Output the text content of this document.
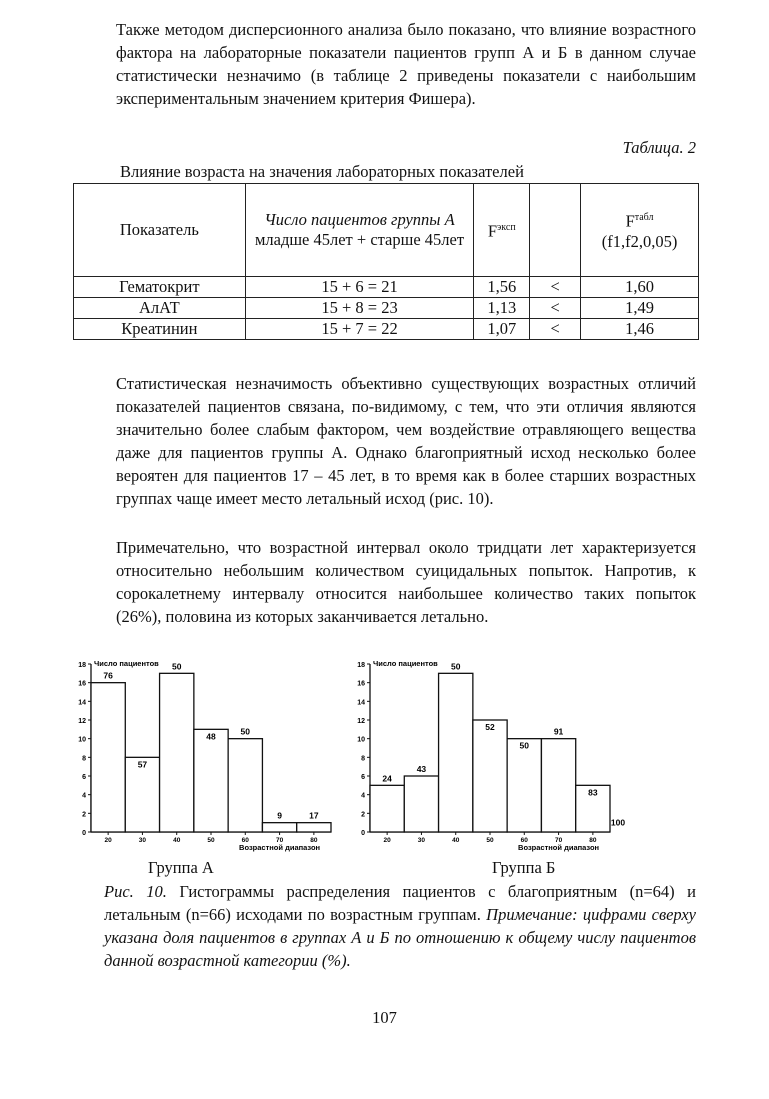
Также методом дисперсионного анализа было показано, что влияние возрастного фактора на лабораторные показатели пациентов групп А и Б в данном случае статистически незначимо (в таблице 2 приведены показатели с наибольшим экспериментальным значением критерия Фишера).
Таблица. 2
Влияние возраста на значения лабораторных показателей
Показатель	Число пациентов группы А
младше 45лет + старше 45лет	$F^{эксп}$		$F^{табл}$
(f1,f2,0,05)
Гематокрит	15 + 6 = 21	1,56	<	1,60
АлАТ	15 + 8 = 23	1,13	<	1,49
Креатинин	15 + 7 = 22	1,07	<	1,46
Статистическая незначимость объективно существующих возрастных отличий показателей пациентов связана, по-видимому, с тем, что эти отличия являются значительно более слабым фактором, чем воздействие отравляющего вещества даже для пациентов группы А. Однако благоприятный исход несколько более вероятен для пациентов 17 – 45 лет, в то время как в более старших возрастных группах чаще имеет место летальный исход (рис. 10).
Примечательно, что возрастной интервал около тридцати лет характеризуется относительно небольшим количеством суицидальных попыток. Напротив, к сорокалетнему интервалу относится наибольшее количество таких попыток (26%), половина из которых заканчивается летально.
0
2
4
6
8
10
12
14
16
18 Число пациентов
76
57
50
48	50
9	17
20	30	40	50	60	70	80
Возрастной диапазон
0
2
4
6
8
10
12
14
16
18 Число пациентов
24
43
50
52
50
91
83
100
20	30	40	50	60	70	80
Возрастной диапазон
Группа А	Группа Б
Рис. 10. Гистограммы распределения пациентов с благоприятным (n=64) и летальным (n=66) исходами по возрастным группам. Примечание: цифрами сверху указана доля пациентов в группах А и Б по отношению к общему числу пациентов данной возрастной категории (%).
107
